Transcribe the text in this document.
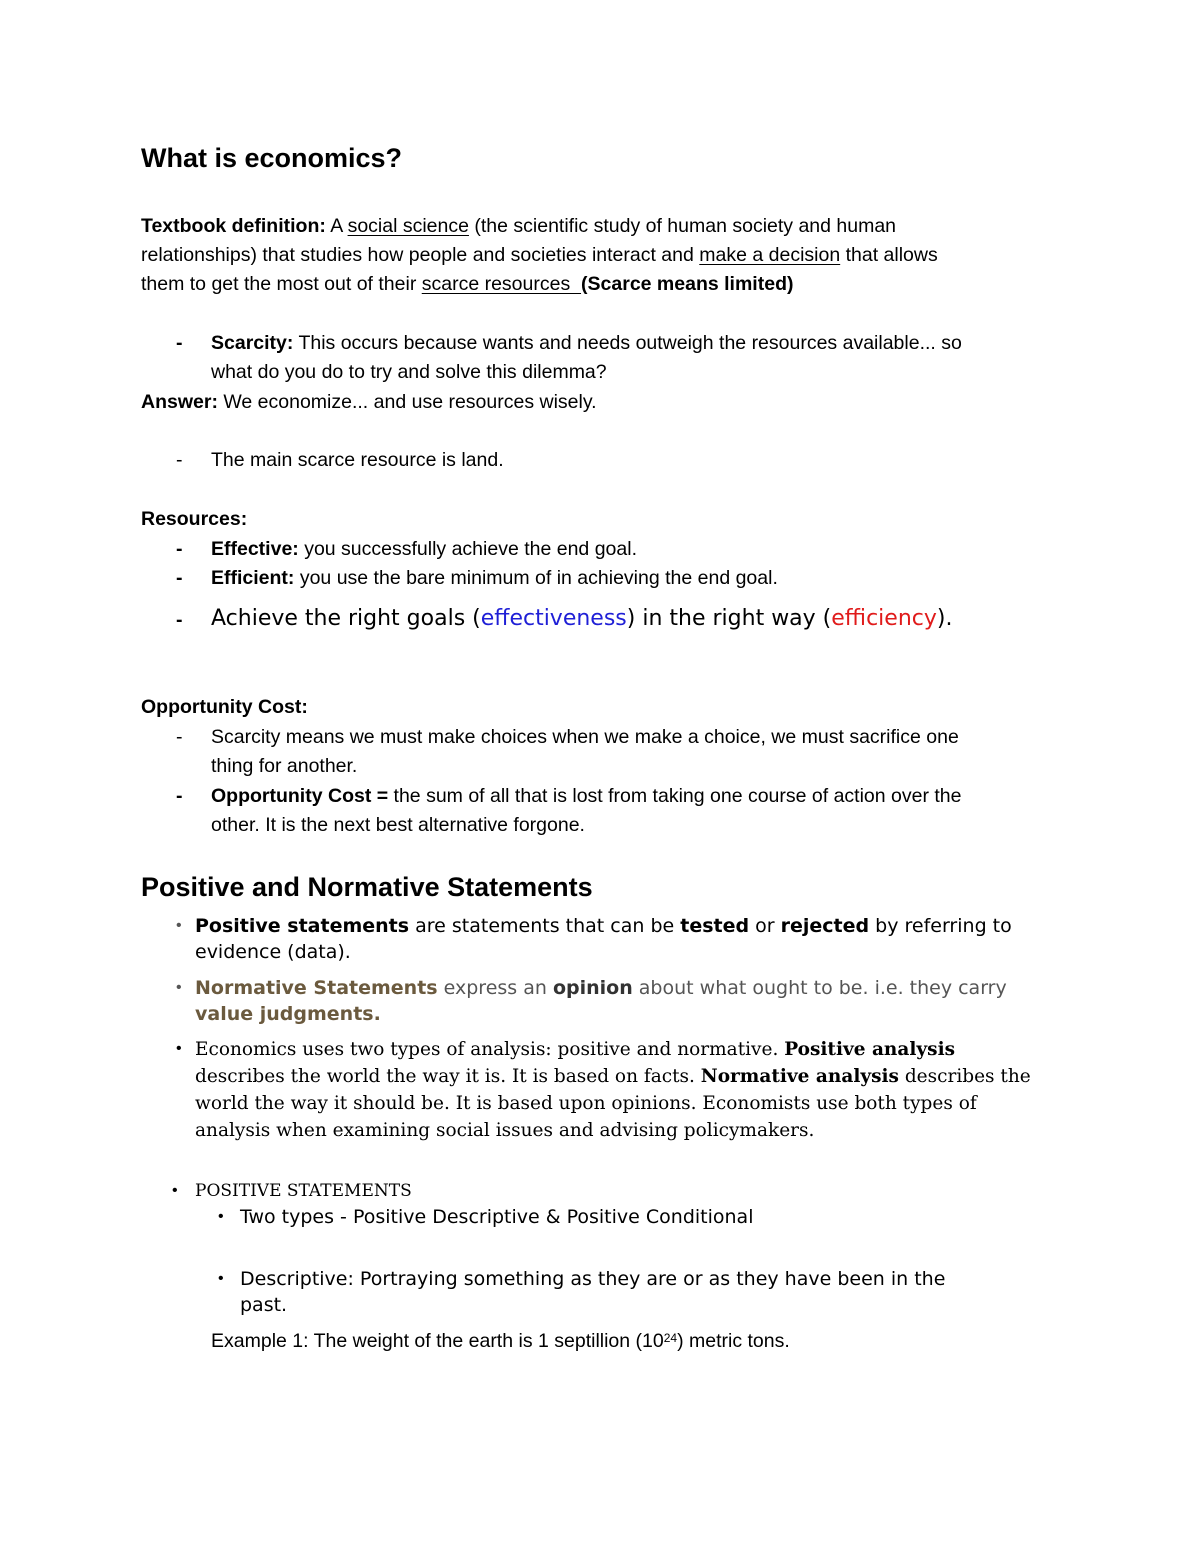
What is economics?
Textbook definition: A social science (the scientific study of human society and human
relationships) that studies how people and societies interact and make a decision that allows
them to get the most out of their scarce resources  (Scarce means limited)
- Scarcity: This occurs because wants and needs outweigh the resources available... so
what do you do to try and solve this dilemma?
Answer: We economize... and use resources wisely.
- The main scarce resource is land.
Resources:
- Effective: you successfully achieve the end goal.
- Efficient: you use the bare minimum of in achieving the end goal.
- Achieve the right goals (effectiveness) in the right way (efficiency).
Opportunity Cost:
- Scarcity means we must make choices when we make a choice, we must sacrifice one
thing for another.
- Opportunity Cost = the sum of all that is lost from taking one course of action over the
other. It is the next best alternative forgone.
Positive and Normative Statements
• Positive statements are statements that can be tested or rejected by referring to
evidence (data).
• Normative Statements express an opinion about what ought to be. i.e. they carry
value judgments.
• Economics uses two types of analysis: positive and normative. Positive analysis
describes the world the way it is. It is based on facts. Normative analysis describes the
world the way it should be. It is based upon opinions. Economists use both types of
analysis when examining social issues and advising policymakers.
• POSITIVE STATEMENTS
• Two types - Positive Descriptive & Positive Conditional
• Descriptive: Portraying something as they are or as they have been in the
past.
Example 1: The weight of the earth is 1 septillion $(10^{24})$ metric tons.
